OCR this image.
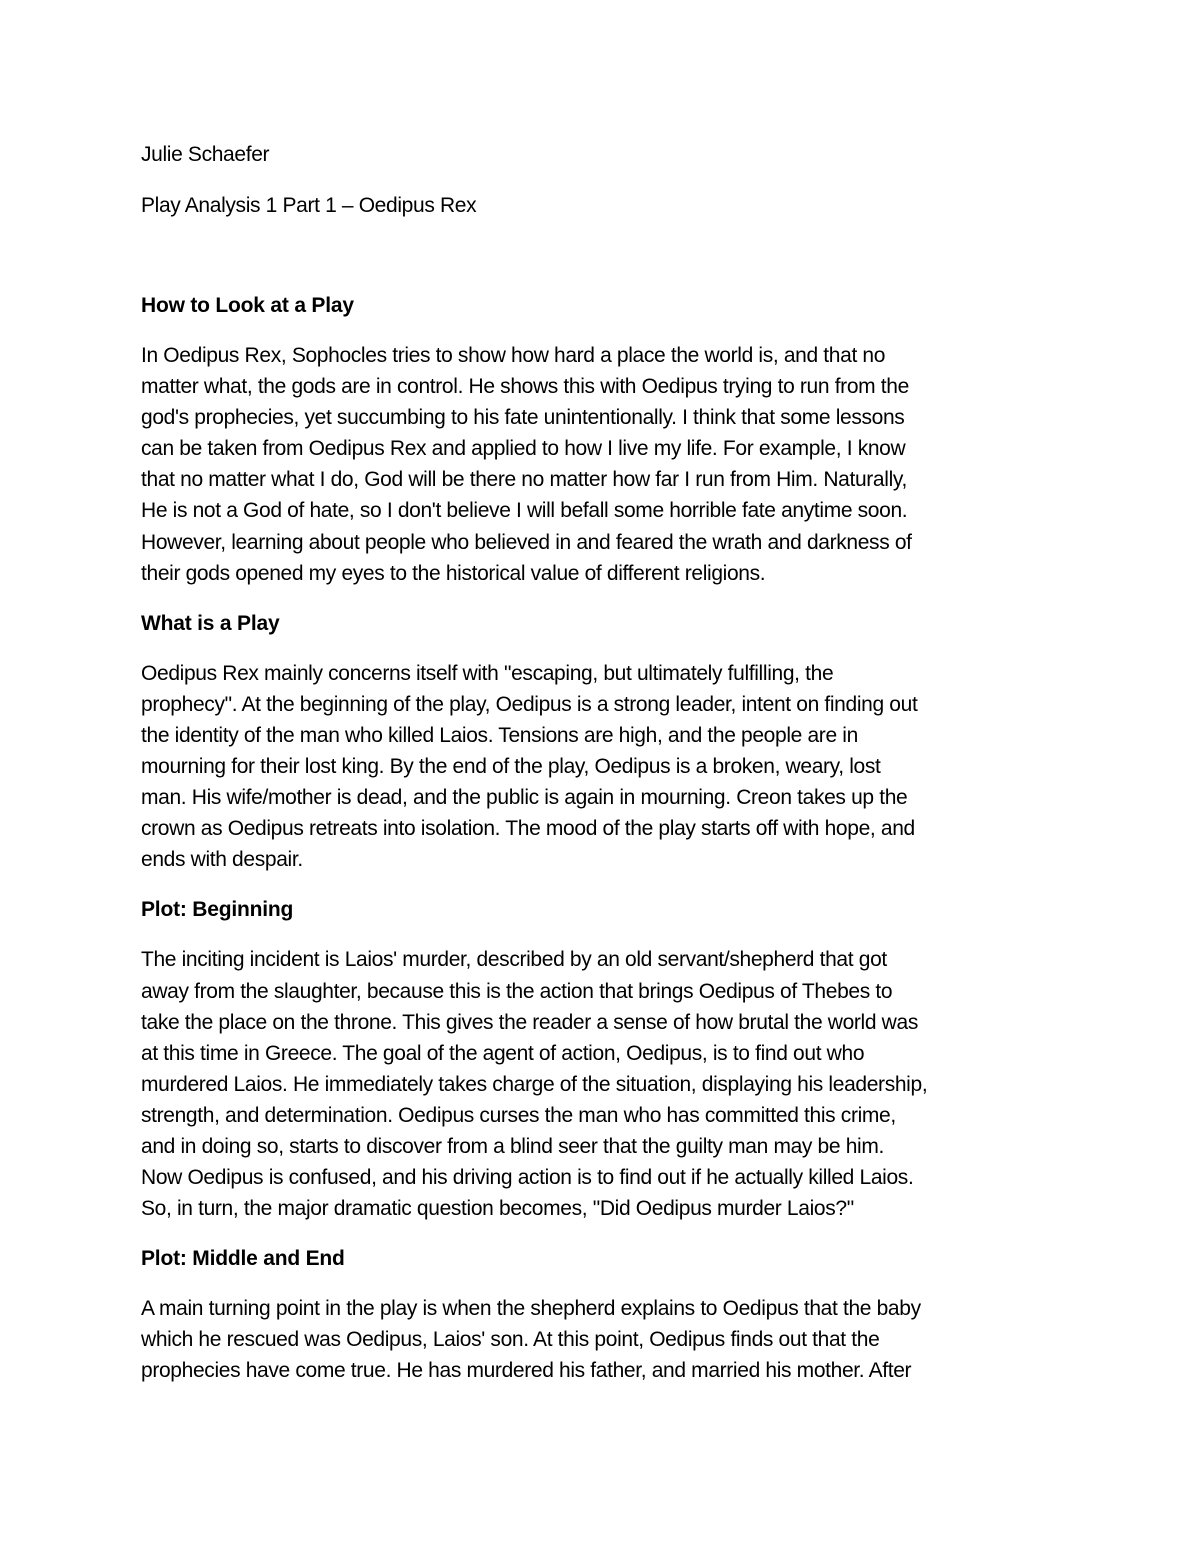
Julie Schaefer

Play Analysis 1 Part 1 – Oedipus Rex

How to Look at a Play
In Oedipus Rex, Sophocles tries to show how hard a place the world is, and that no
matter what, the gods are in control. He shows this with Oedipus trying to run from the
god's prophecies, yet succumbing to his fate unintentionally. I think that some lessons
can be taken from Oedipus Rex and applied to how I live my life. For example, I know
that no matter what I do, God will be there no matter how far I run from Him. Naturally,
He is not a God of hate, so I don't believe I will befall some horrible fate anytime soon.
However, learning about people who believed in and feared the wrath and darkness of
their gods opened my eyes to the historical value of different religions.
What is a Play
Oedipus Rex mainly concerns itself with "escaping, but ultimately fulfilling, the
prophecy". At the beginning of the play, Oedipus is a strong leader, intent on finding out
the identity of the man who killed Laios. Tensions are high, and the people are in
mourning for their lost king. By the end of the play, Oedipus is a broken, weary, lost
man. His wife/mother is dead, and the public is again in mourning. Creon takes up the
crown as Oedipus retreats into isolation. The mood of the play starts off with hope, and
ends with despair.
Plot: Beginning
The inciting incident is Laios' murder, described by an old servant/shepherd that got
away from the slaughter, because this is the action that brings Oedipus of Thebes to
take the place on the throne. This gives the reader a sense of how brutal the world was
at this time in Greece. The goal of the agent of action, Oedipus, is to find out who
murdered Laios. He immediately takes charge of the situation, displaying his leadership,
strength, and determination. Oedipus curses the man who has committed this crime,
and in doing so, starts to discover from a blind seer that the guilty man may be him.
Now Oedipus is confused, and his driving action is to find out if he actually killed Laios.
So, in turn, the major dramatic question becomes, "Did Oedipus murder Laios?"
Plot: Middle and End
A main turning point in the play is when the shepherd explains to Oedipus that the baby
which he rescued was Oedipus, Laios' son. At this point, Oedipus finds out that the
prophecies have come true. He has murdered his father, and married his mother. After
